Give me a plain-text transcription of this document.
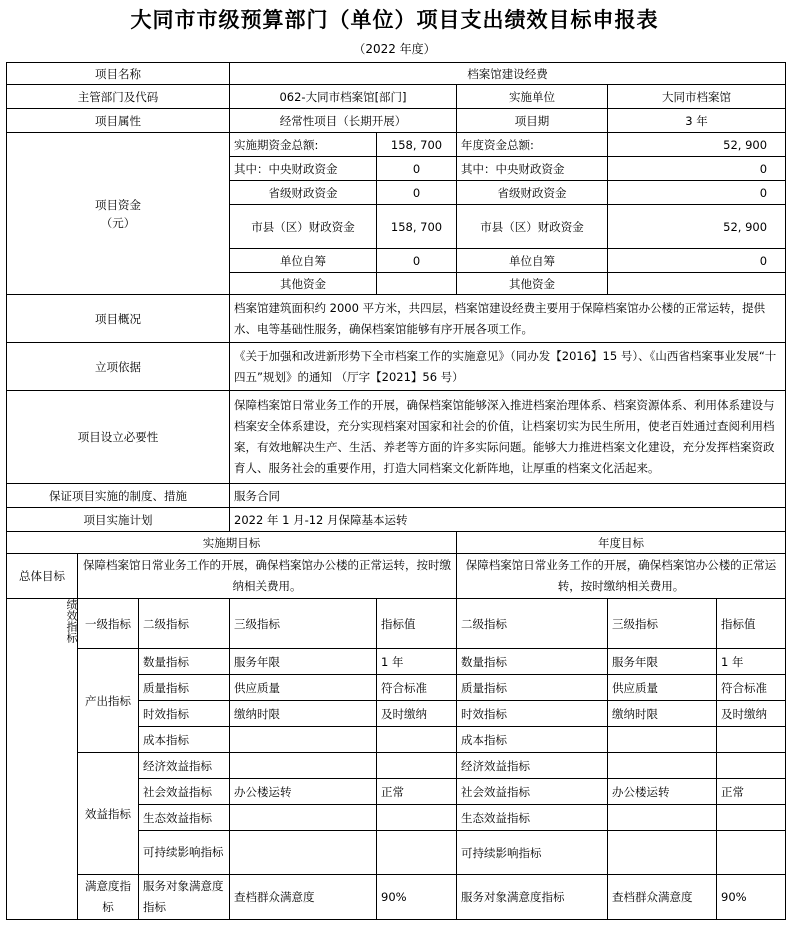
大同市市级预算部门（单位）项目支出绩效目标申报表
（2022 年度）
项目名称			档案馆建设经费				
主管部门及代码			062-大同市档案馆[部门]		实施单位	大同市档案馆	
项目属性			经常性项目（长期开展）		项目期	3 年	

项目资金
（元）			实施期资金总额:	158, 700	年度资金总额:	52, 900	
			其中：中央财政资金	0	其中：中央财政资金	0	
			省级财政资金	0	省级财政资金	0	
			市县（区）财政资金	158, 700	市县（区）财政资金	52, 900	
			单位自筹	0	单位自筹	0	
			其他资金		其他资金		
项目概况			档案馆建筑面积约 2000 平方米，共四层，档案馆建设经费主要用于保障档案馆办公楼的正常运转，提供水、电等基础性服务，确保档案馆能够有序开展各项工作。				
立项依据			《关于加强和改进新形势下全市档案工作的实施意见》（同办发【2016】15 号）、《山西省档案事业发展“十四五”规划》的通知 （厅字【2021】56 号）				
项目设立必要性			保障档案馆日常业务工作的开展，确保档案馆能够深入推进档案治理体系、档案资源体系、利用体系建设与档案安全体系建设，充分实现档案对国家和社会的价值，让档案切实为民生所用，使老百姓通过查阅利用档案，有效地解决生产、生活、养老等方面的许多实际问题。能够大力推进档案文化建设，充分发挥档案资政育人、服务社会的重要作用，打造大同档案文化新阵地，让厚重的档案文化活起来。				
保证项目实施的制度、措施			服务合同				
项目实施计划			2022 年 1 月-12 月保障基本运转				
实施期目标					年度目标		
总体目标	保障档案馆日常业务工作的开展，确保档案馆办公楼的正常运转，按时缴纳相关费用。				保障档案馆日常业务工作的开展，确保档案馆办公楼的正常运转，按时缴纳相关费用。		
绩效指标	一级指标	二级指标	三级指标	指标值	二级指标	三级指标	指标值
	产出指标	数量指标	服务年限	1 年	数量指标	服务年限	1 年
		质量指标	供应质量	符合标准	质量指标	供应质量	符合标准
		时效指标	缴纳时限	及时缴纳	时效指标	缴纳时限	及时缴纳
		成本指标			成本指标		
	效益指标	经济效益指标			经济效益指标		
		社会效益指标	办公楼运转	正常	社会效益指标	办公楼运转	正常
		生态效益指标			生态效益指标		
		可持续影响指标			可持续影响指标		
	满意度指标	服务对象满意度指标	查档群众满意度	90%	服务对象满意度指标	查档群众满意度	90%
